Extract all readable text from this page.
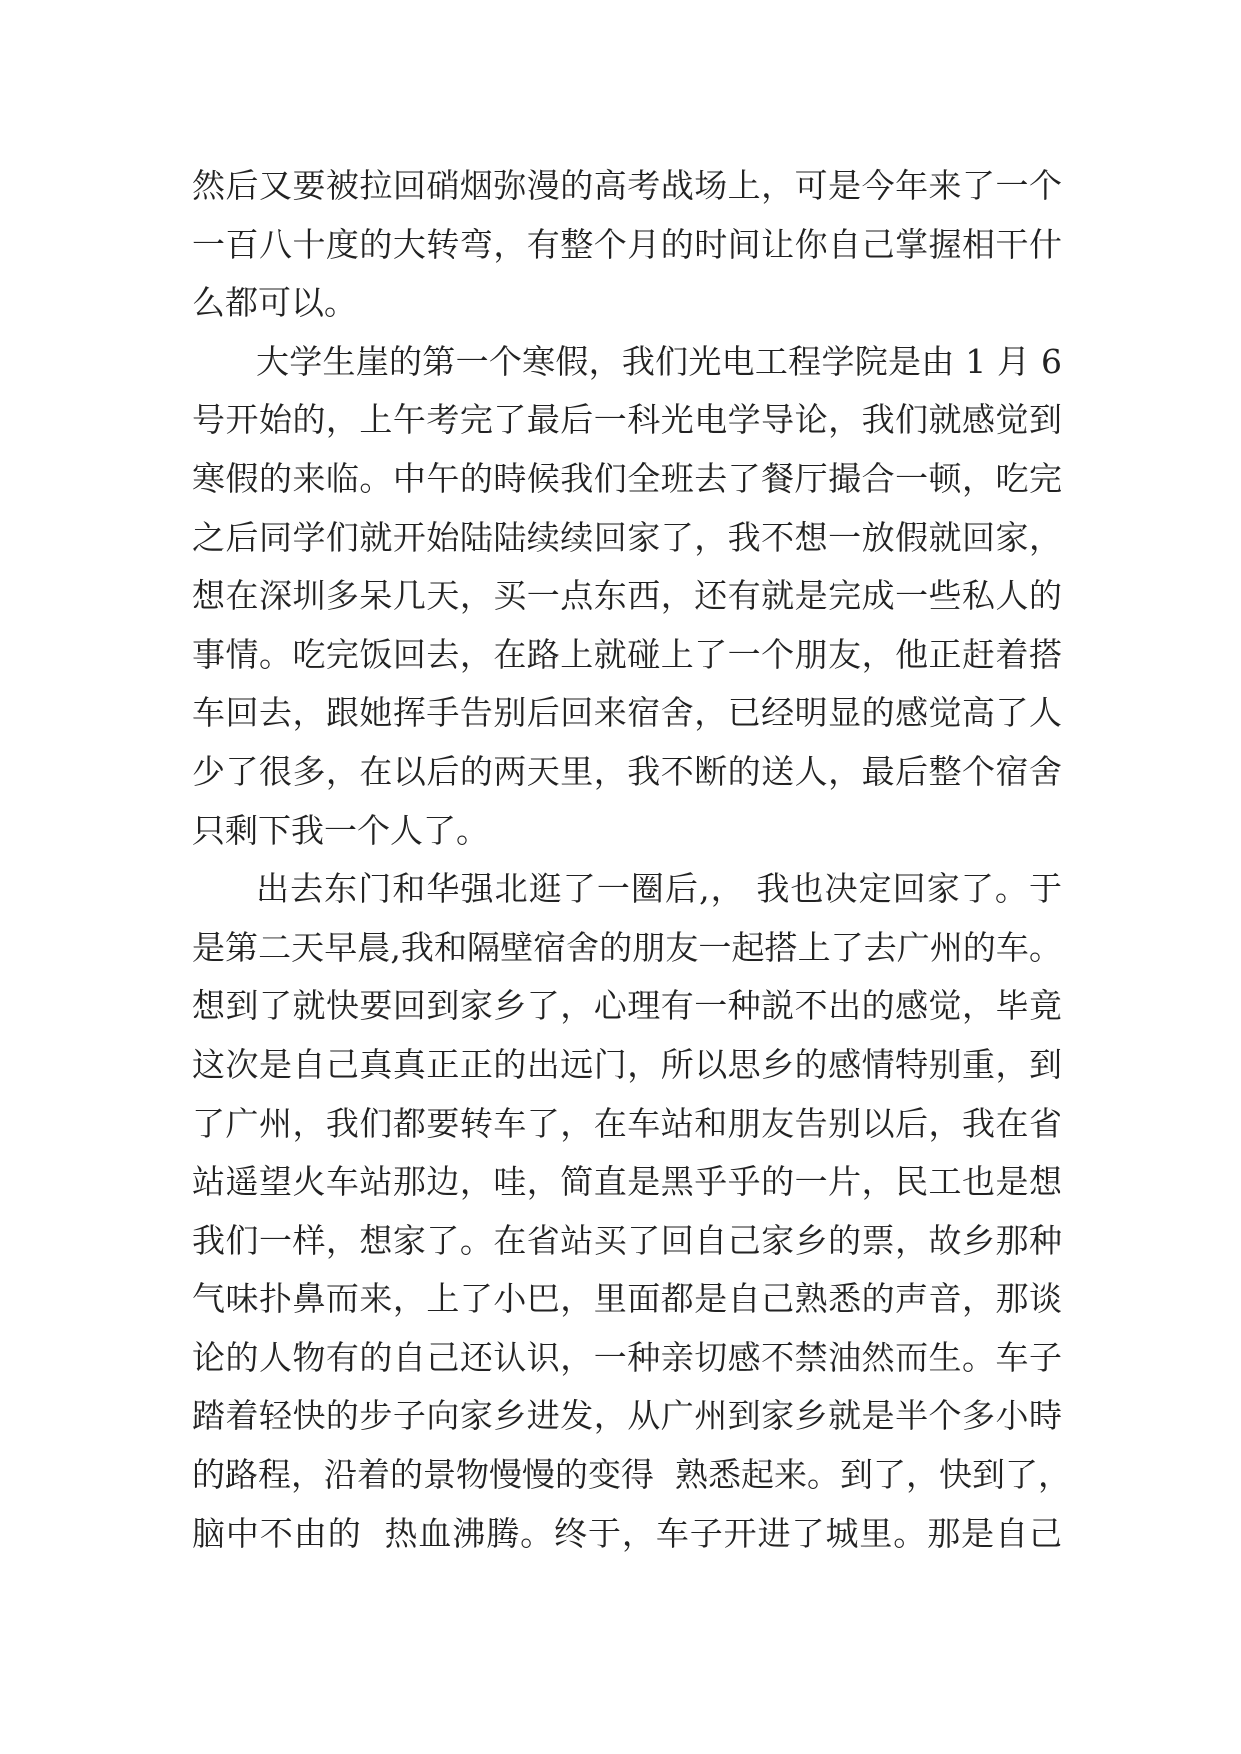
然后又要被拉回硝烟弥漫的高考战场上，可是今年来了一个
一百八十度的大转弯，有整个月的时间让你自己掌握相干什
么都可以。
大学生崖的第一个寒假，我们光电工程学院是由 1 月 6
号开始的，上午考完了最后一科光电学导论，我们就感觉到
寒假的来临。中午的時候我们全班去了餐厅撮合一顿，吃完
之后同学们就开始陆陆续续回家了，我不想一放假就回家，
想在深圳多呆几天，买一点东西，还有就是完成一些私人的
事情。吃完饭回去，在路上就碰上了一个朋友，他正赶着搭
车回去，跟她挥手告别后回来宿舍，已经明显的感觉高了人
少了很多，在以后的两天里，我不断的送人，最后整个宿舍
只剩下我一个人了。
出去东门和华强北逛了一圈后,， 我也决定回家了。于
是第二天早晨,我和隔壁宿舍的朋友一起搭上了去广州的车。
想到了就快要回到家乡了，心理有一种説不出的感觉，毕竟
这次是自己真真正正的出远门，所以思乡的感情特别重，到
了广州，我们都要转车了，在车站和朋友告别以后，我在省
站遥望火车站那边，哇，简直是黑乎乎的一片，民工也是想
我们一样，想家了。在省站买了回自己家乡的票，故乡那种
气味扑鼻而来，上了小巴，里面都是自己熟悉的声音，那谈
论的人物有的自己还认识，一种亲切感不禁油然而生。车子
踏着轻快的步子向家乡进发，从广州到家乡就是半个多小時
的路程，沿着的景物慢慢的变得  熟悉起来。到了，快到了，
脑中不由的  热血沸腾。终于，车子开进了城里。那是自己
